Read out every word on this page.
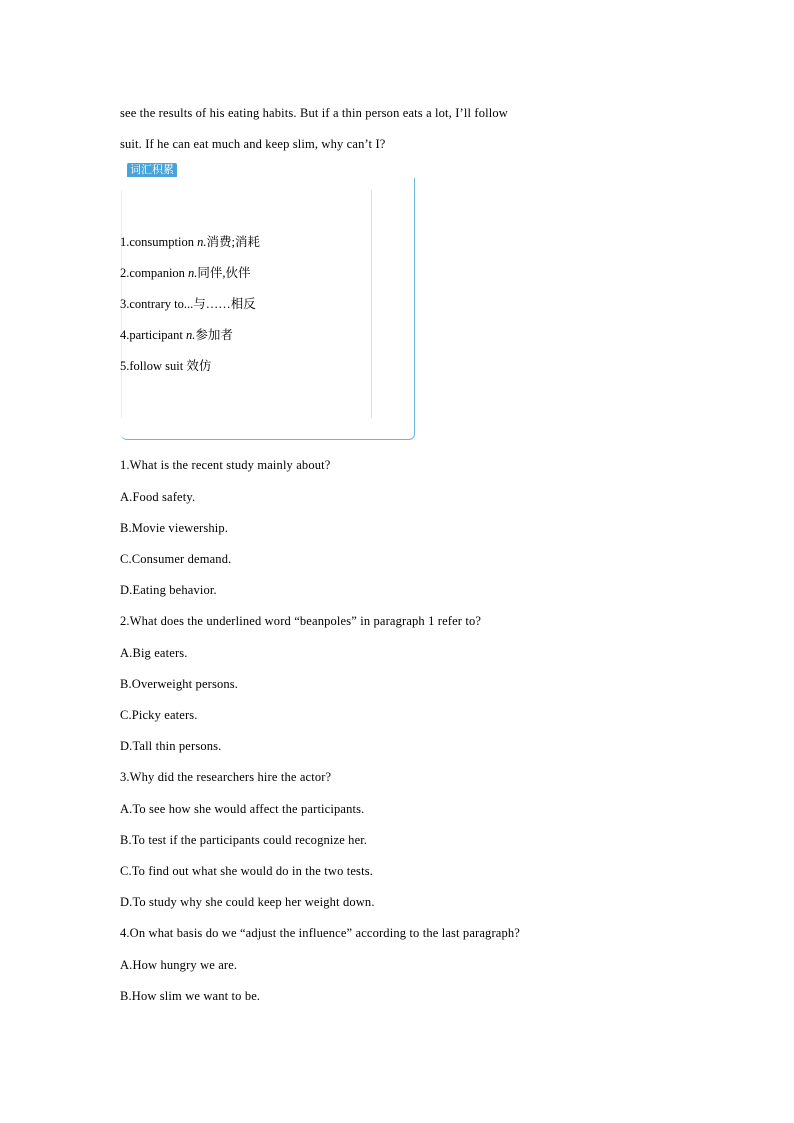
see the results of his eating habits. But if a thin person eats a lot, I’ll follow
suit. If he can eat much and keep slim, why can’t I?
词汇积累
1.consumption n.消费;消耗
2.companion n.同伴,伙伴
3.contrary to...与……相反
4.participant n.参加者
5.follow suit 效仿
1.What is the recent study mainly about?
A.Food safety.
B.Movie viewership.
C.Consumer demand.
D.Eating behavior.
2.What does the underlined word “beanpoles” in paragraph 1 refer to?
A.Big eaters.
B.Overweight persons.
C.Picky eaters.
D.Tall thin persons.
3.Why did the researchers hire the actor?
A.To see how she would affect the participants.
B.To test if the participants could recognize her.
C.To find out what she would do in the two tests.
D.To study why she could keep her weight down.
4.On what basis do we “adjust the influence” according to the last paragraph?
A.How hungry we are.
B.How slim we want to be.
